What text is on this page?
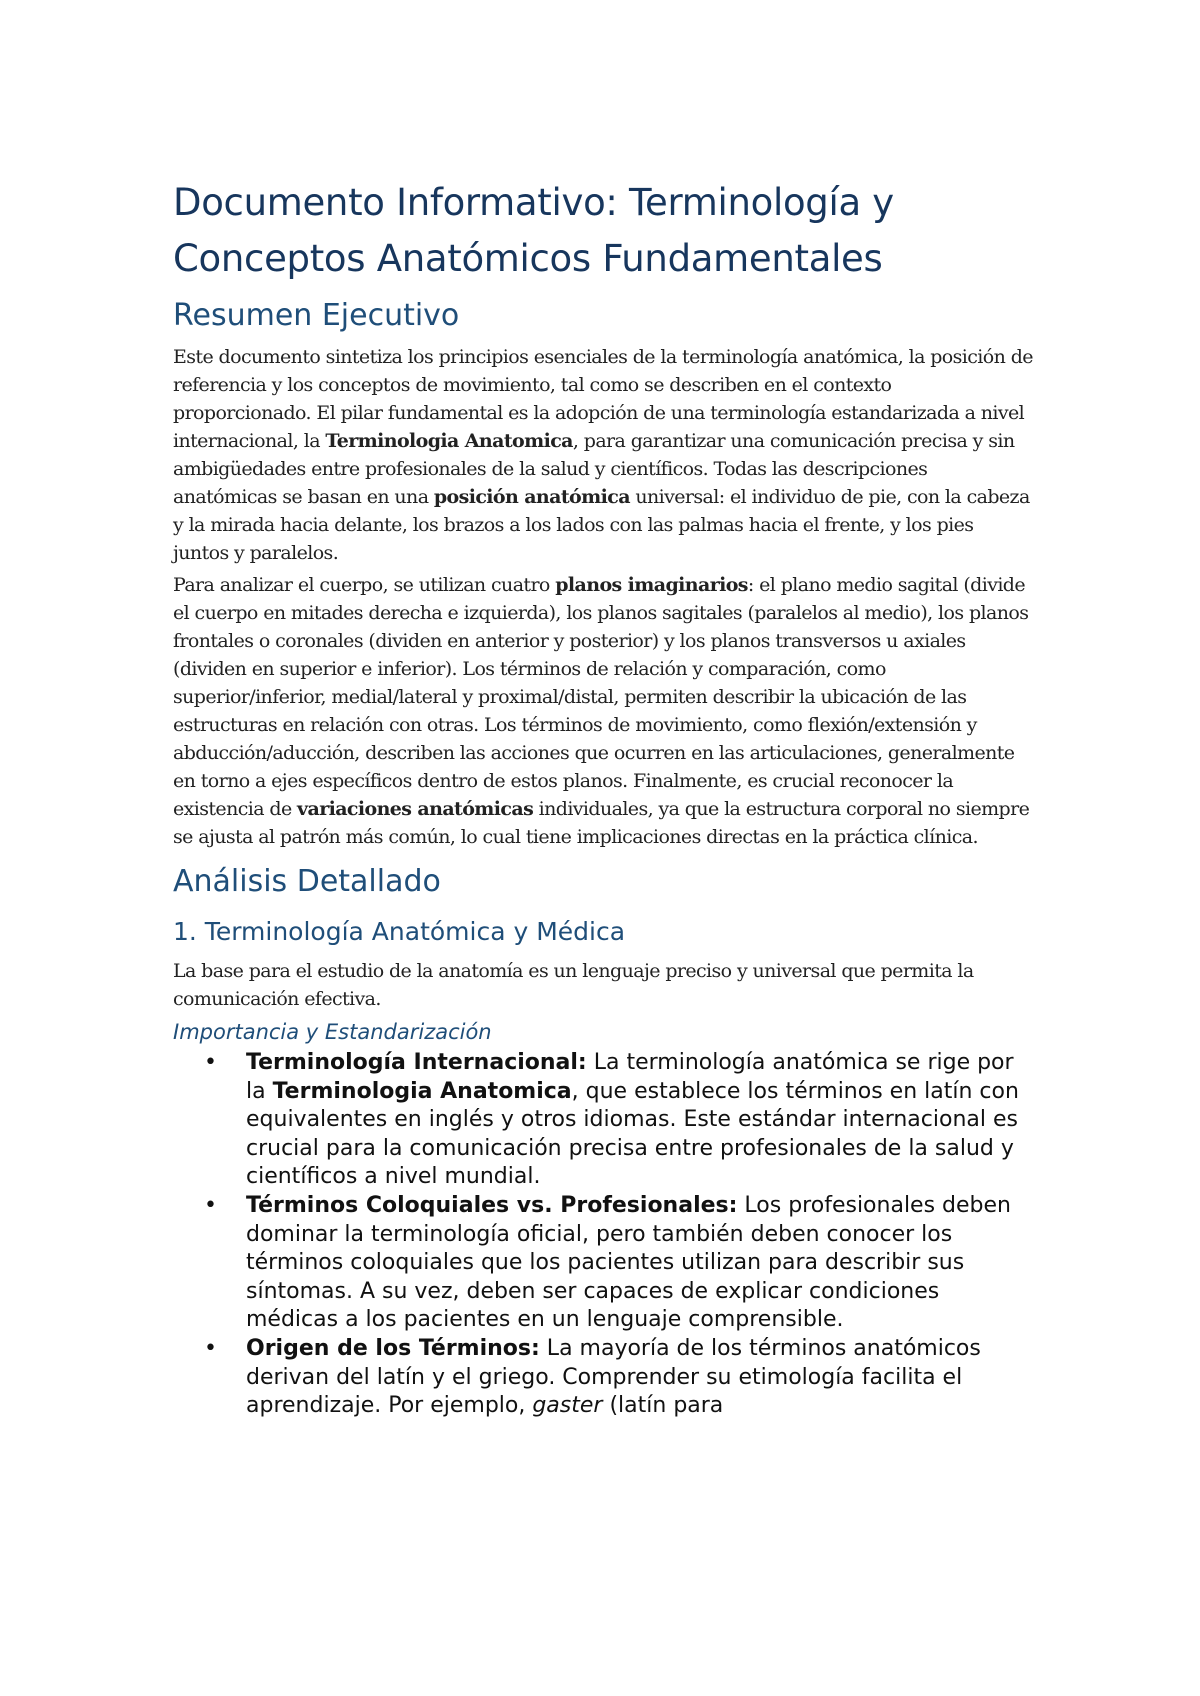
Documento Informativo: Terminología y Conceptos Anatómicos Fundamentales
Resumen Ejecutivo

Este documento sintetiza los principios esenciales de la terminología anatómica, la posición de referencia y los conceptos de movimiento, tal como se describen en el contexto proporcionado. El pilar fundamental es la adopción de una terminología estandarizada a nivel internacional, la Terminologia Anatomica, para garantizar una comunicación precisa y sin ambigüedades entre profesionales de la salud y científicos. Todas las descripciones anatómicas se basan en una posición anatómica universal: el individuo de pie, con la cabeza y la mirada hacia delante, los brazos a los lados con las palmas hacia el frente, y los pies juntos y paralelos.

Para analizar el cuerpo, se utilizan cuatro planos imaginarios: el plano medio sagital (divide el cuerpo en mitades derecha e izquierda), los planos sagitales (paralelos al medio), los planos frontales o coronales (dividen en anterior y posterior) y los planos transversos u axiales (dividen en superior e inferior). Los términos de relación y comparación, como superior/inferior, medial/lateral y proximal/distal, permiten describir la ubicación de las estructuras en relación con otras. Los términos de movimiento, como flexión/extensión y abducción/aducción, describen las acciones que ocurren en las articulaciones, generalmente en torno a ejes específicos dentro de estos planos. Finalmente, es crucial reconocer la existencia de variaciones anatómicas individuales, ya que la estructura corporal no siempre se ajusta al patrón más común, lo cual tiene implicaciones directas en la práctica clínica.

Análisis Detallado
1. Terminología Anatómica y Médica

La base para el estudio de la anatomía es un lenguaje preciso y universal que permita la comunicación efectiva.

Importancia y Estandarización
• Terminología Internacional: La terminología anatómica se rige por la Terminologia Anatomica, que establece los términos en latín con equivalentes en inglés y otros idiomas. Este estándar internacional es crucial para la comunicación precisa entre profesionales de la salud y científicos a nivel mundial.
• Términos Coloquiales vs. Profesionales: Los profesionales deben dominar la terminología oficial, pero también deben conocer los términos coloquiales que los pacientes utilizan para describir sus síntomas. A su vez, deben ser capaces de explicar condiciones médicas a los pacientes en un lenguaje comprensible.
• Origen de los Términos: La mayoría de los términos anatómicos derivan del latín y el griego. Comprender su etimología facilita el aprendizaje. Por ejemplo, gaster (latín para
